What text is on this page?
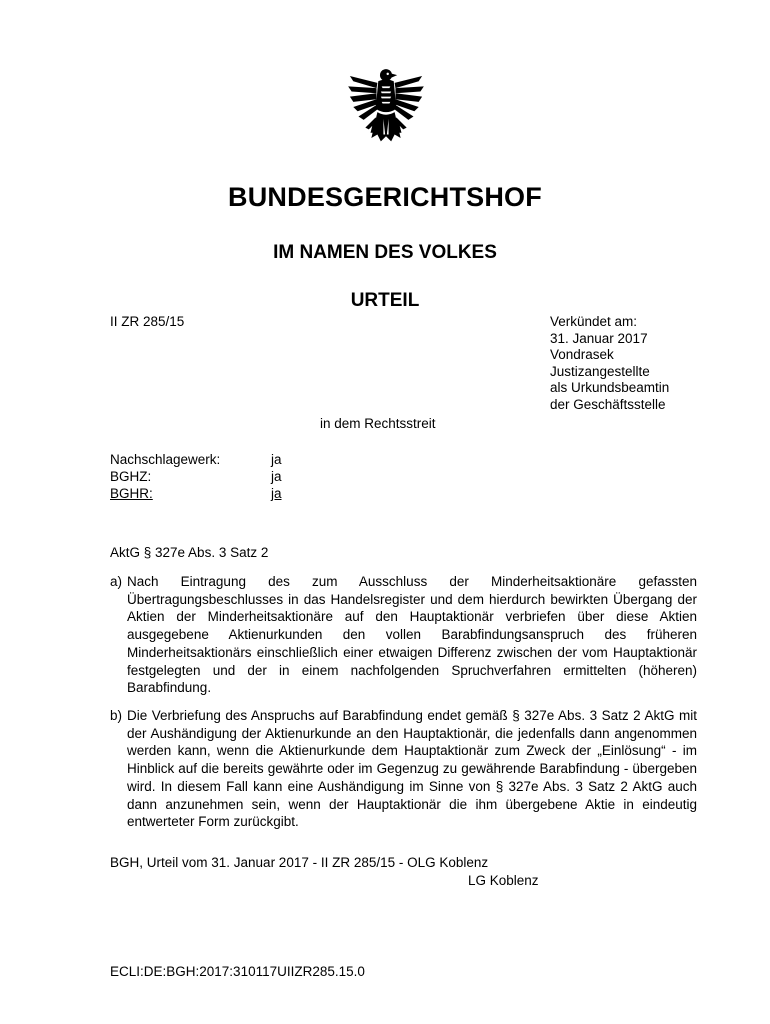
BUNDESGERICHTSHOF
IM NAMEN DES VOLKES
URTEIL
II ZR 285/15	Verkündet am:
31. Januar 2017
Vondrasek
Justizangestellte
als Urkundsbeamtin
der Geschäftsstelle
in dem Rechtsstreit
Nachschlagewerk:	ja
BGHZ:	ja
BGHR:	ja
AktG § 327e Abs. 3 Satz 2
a) Nach Eintragung des zum Ausschluss der Minderheitsaktionäre gefassten Übertragungsbeschlusses in das Handelsregister und dem hierdurch bewirkten Übergang der Aktien der Minderheitsaktionäre auf den Hauptaktionär verbriefen über diese Aktien ausgegebene Aktienurkunden den vollen Barabfindungsanspruch des früheren Minderheitsaktionärs einschließlich einer etwaigen Differenz zwischen der vom Hauptaktionär festgelegten und der in einem nachfolgenden Spruchverfahren ermittelten (höheren) Barabfindung.
b) Die Verbriefung des Anspruchs auf Barabfindung endet gemäß § 327e Abs. 3 Satz 2 AktG mit der Aushändigung der Aktienurkunde an den Hauptaktionär, die jedenfalls dann angenommen werden kann, wenn die Aktienurkunde dem Hauptaktionär zum Zweck der „Einlösung“ - im Hinblick auf die bereits gewährte oder im Gegenzug zu gewährende Barabfindung - übergeben wird. In diesem Fall kann eine Aushändigung im Sinne von § 327e Abs. 3 Satz 2 AktG auch dann anzunehmen sein, wenn der Hauptaktionär die ihm übergebene Aktie in eindeutig entwerteter Form zurückgibt.
BGH, Urteil vom 31. Januar 2017 - II ZR 285/15 - OLG Koblenz
LG Koblenz
ECLI:DE:BGH:2017:310117UIIZR285.15.0
